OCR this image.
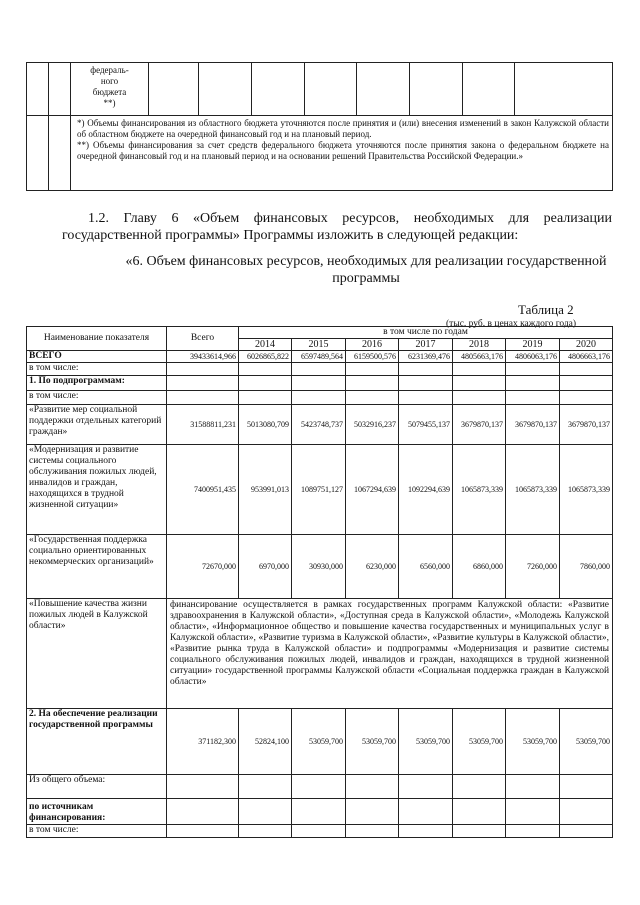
		федераль-
ного
бюджета
**)								

		*) Объемы финансирования из областного бюджета уточняются после принятия и (или) внесения изменений в закон Калужской области об областном бюджете на очередной финансовый год и на плановый период.

**) Объемы финансирования за счет средств федерального бюджета уточняются после принятия закона о федеральном бюджете на очередной финансовый год и на плановый период и на основании решений Правительства Российской Федерации.»								

1.2. Главу 6 «Объем финансовых ресурсов, необходимых для реализации государственной программы» Программы изложить в следующей редакции:

«6. Объем финансовых ресурсов, необходимых для реализации государственной программы

Таблица 2
(тыс. руб. в ценах каждого года)
Наименование показателя	Всего	в том числе по годам						
		2014	2015	2016	2017	2018	2019	2020
ВСЕГО	39433614,966	6026865,822	6597489,564	6159500,576	6231369,476	4805663,176	4806063,176	4806663,176
в том числе:								
1. По подпрограммам:								
в том числе:								
«Развитие мер социальной поддержки отдельных категорий граждан»	31588811,231	5013080,709	5423748,737	5032916,237	5079455,137	3679870,137	3679870,137	3679870,137
«Модернизация и развитие системы социального обслуживания пожилых людей, инвалидов и граждан, находящихся в трудной жизненной ситуации»	7400951,435	953991,013	1089751,127	1067294,639	1092294,639	1065873,339	1065873,339	1065873,339
«Государственная поддержка социально ориентированных некоммерческих организаций»	72670,000	6970,000	30930,000	6230,000	6560,000	6860,000	7260,000	7860,000
«Повышение качества жизни пожилых людей в Калужской области»	финансирование осуществляется в рамках государственных программ Калужской области: «Развитие здравоохранения в Калужской области», «Доступная среда в Калужской области», «Молодежь Калужской области», «Информационное общество и повышение качества государственных и муниципальных услуг в Калужской области», «Развитие туризма в Калужской области», «Развитие культуры в Калужской области», «Развитие рынка труда в Калужской области» и подпрограммы «Модернизация и развитие системы социального обслуживания пожилых людей, инвалидов и граждан, находящихся в трудной жизненной ситуации» государственной программы Калужской области «Социальная поддержка граждан в Калужской области»							
2. На обеспечение реализации государственной программы	371182,300	52824,100	53059,700	53059,700	53059,700	53059,700	53059,700	53059,700
Из общего объема:								
по источникам финансирования:								
в том числе:								
